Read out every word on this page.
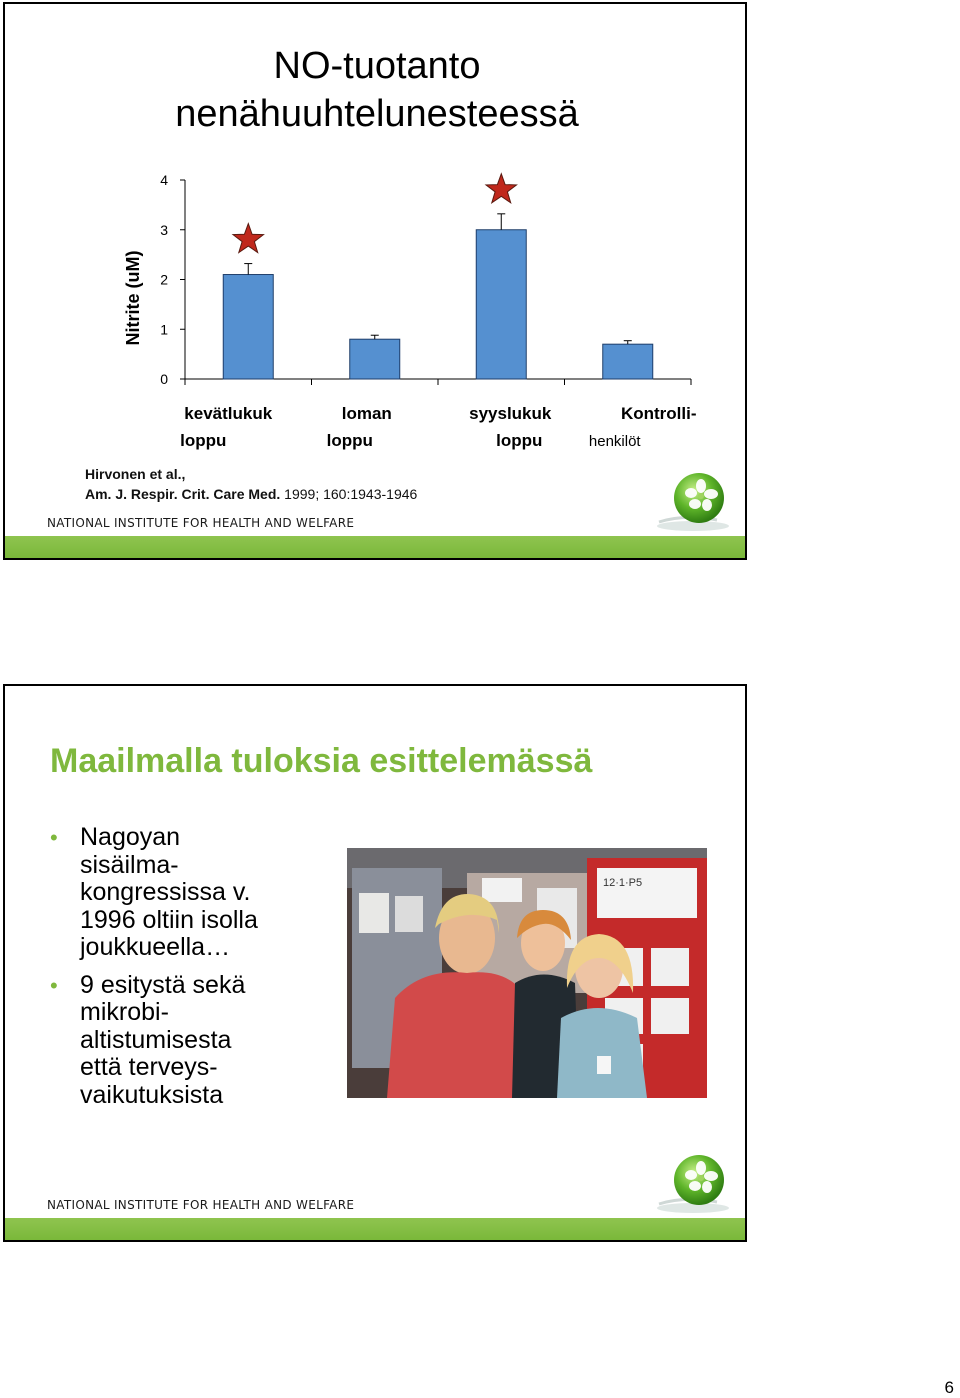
NO-tuotanto
nenähuuhtelunesteessä
0
1
2
3
4
Nitrite (uM)
kevätlukuk
loppu
loman
loppu
syyslukuk
loppu
Kontrolli-
henkilöt
Hirvonen et al.,
Am. J. Respir. Crit. Care Med. 1999; 160:1943-1946
NATIONAL INSTITUTE FOR HEALTH AND WELFARE
Maailmalla tuloksia esittelemässä
• Nagoyan
sisäilma-
kongressissa v.
1996 oltiin isolla
joukkueella…
• 9 esitystä sekä
mikrobi-
altistumisesta
että terveys-
vaikutuksista
12·1·P5
NATIONAL INSTITUTE FOR HEALTH AND WELFARE
6
